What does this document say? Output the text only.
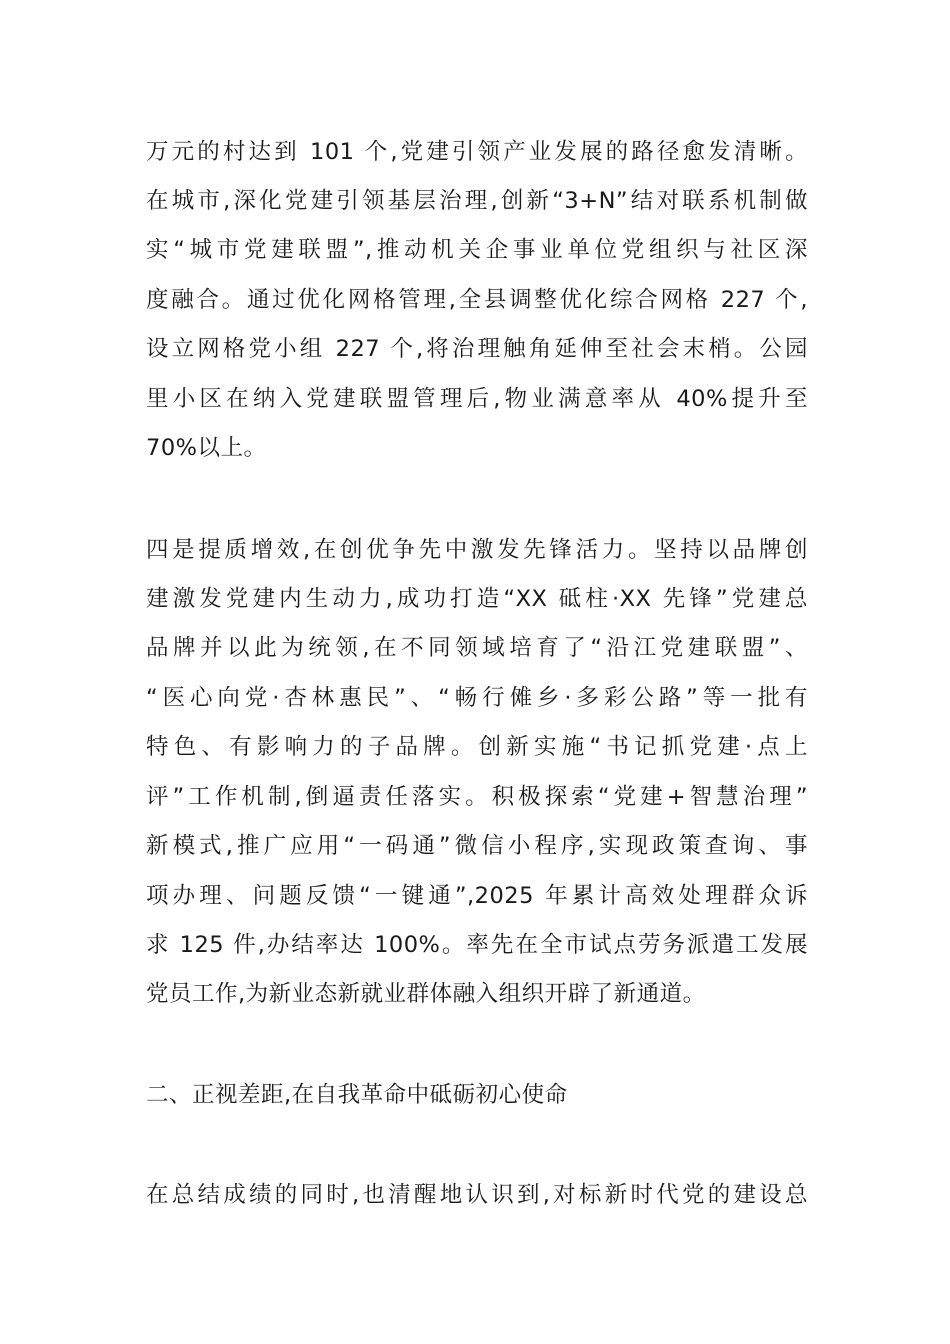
万元的村达到 101 个,党建引领产业发展的路径愈发清晰。
在城市,深化党建引领基层治理,创新“3+N”结对联系机制做
实“城市党建联盟”,推动机关企事业单位党组织与社区深
度融合。通过优化网格管理,全县调整优化综合网格 227 个,
设立网格党小组 227 个,将治理触角延伸至社会末梢。公园
里小区在纳入党建联盟管理后,物业满意率从 40%提升至
70%以上。
四是提质增效,在创优争先中激发先锋活力。坚持以品牌创
建激发党建内生动力,成功打造“XX 砥柱·XX 先锋”党建总
品牌并以此为统领,在不同领域培育了“沿江党建联盟”、
“医心向党·杏林惠民”、“畅行傩乡·多彩公路”等一批有
特色、有影响力的子品牌。创新实施“书记抓党建·点上
评”工作机制,倒逼责任落实。积极探索“党建+智慧治理”
新模式,推广应用“一码通”微信小程序,实现政策查询、事
项办理、问题反馈“一键通”,2025 年累计高效处理群众诉
求 125 件,办结率达 100%。率先在全市试点劳务派遣工发展
党员工作,为新业态新就业群体融入组织开辟了新通道。
二、正视差距,在自我革命中砥砺初心使命
在总结成绩的同时,也清醒地认识到,对标新时代党的建设总
